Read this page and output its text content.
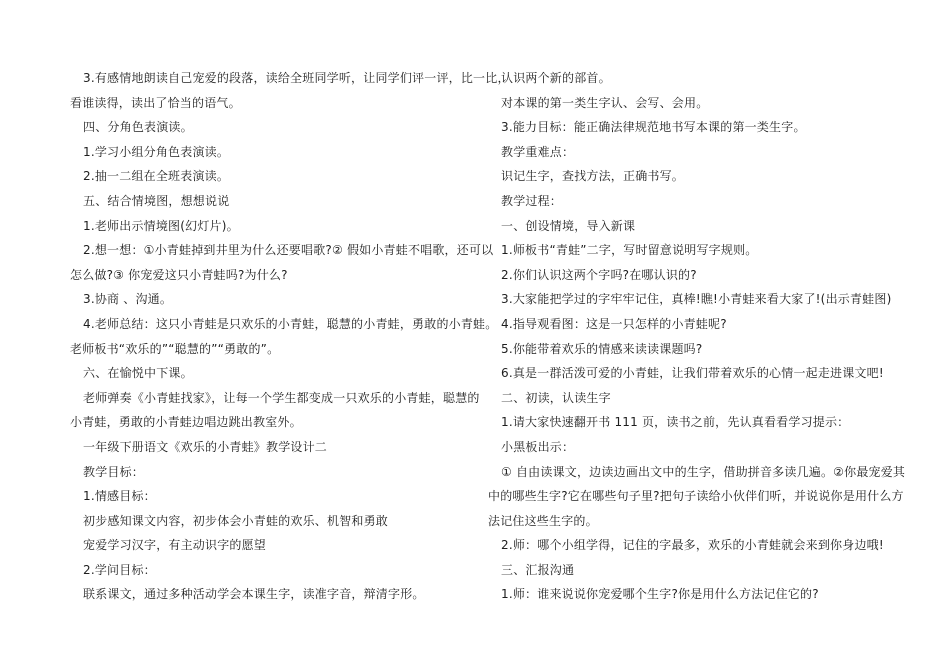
3.有感情地朗读自己宠爱的段落，读给全班同学听，让同学们评一评，比一比，

看谁读得，读出了恰当的语气。

四、分角色表演读。

1.学习小组分角色表演读。

2.抽一二组在全班表演读。

五、结合情境图，想想说说

1.老师出示情境图(幻灯片)。

2.想一想：①小青蛙掉到井里为什么还要唱歌?② 假如小青蛙不唱歌，还可以

怎么做?③ 你宠爱这只小青蛙吗?为什么?

3.协商 、沟通。

4.老师总结：这只小青蛙是只欢乐的小青蛙，聪慧的小青蛙，勇敢的小青蛙。

老师板书“欢乐的”“聪慧的”“勇敢的”。

六、在愉悦中下课。

老师弹奏《小青蛙找家》，让每一个学生都变成一只欢乐的小青蛙，聪慧的

小青蛙，勇敢的小青蛙边唱边跳出教室外。

一年级下册语文《欢乐的小青蛙》教学设计二

教学目标：

1.情感目标：

初步感知课文内容，初步体会小青蛙的欢乐、机智和勇敢

宠爱学习汉字，有主动识字的愿望

2.学问目标：

联系课文，通过多种活动学会本课生字，读准字音，辩清字形。

认识两个新的部首。

对本课的第一类生字认、会写、会用。

3.能力目标：能正确法律规范地书写本课的第一类生字。

教学重难点：

识记生字，查找方法，正确书写。

教学过程：

一、创设情境，导入新课

1.师板书“青蛙”二字，写时留意说明写字规则。

2.你们认识这两个字吗?在哪认识的?

3.大家能把学过的字牢牢记住，真棒!瞧!小青蛙来看大家了!(出示青蛙图)

4.指导观看图：这是一只怎样的小青蛙呢?

5.你能带着欢乐的情感来读读课题吗?

6.真是一群活泼可爱的小青蛙，让我们带着欢乐的心情一起走进课文吧!

二、初读，认读生字

1.请大家快速翻开书 111 页，读书之前，先认真看看学习提示：

小黑板出示：

① 自由读课文，边读边画出文中的生字，借助拼音多读几遍。②你最宠爱其

中的哪些生字?它在哪些句子里?把句子读给小伙伴们听，并说说你是用什么方

法记住这些生字的。

2.师：哪个小组学得，记住的字最多，欢乐的小青蛙就会来到你身边哦!

三、汇报沟通

1.师：谁来说说你宠爱哪个生字?你是用什么方法记住它的?
